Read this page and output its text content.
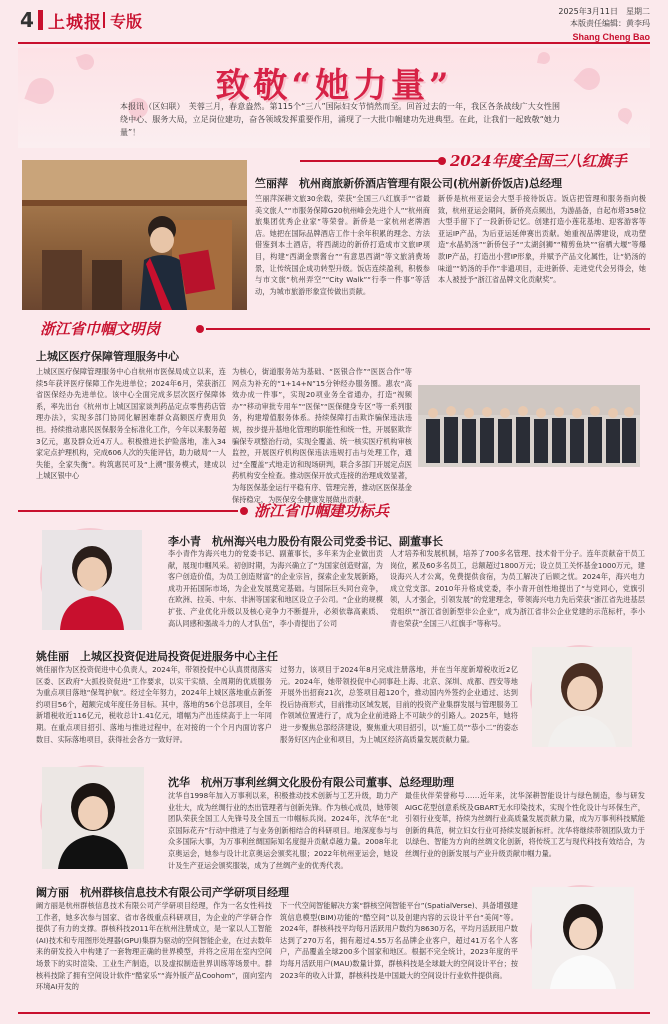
4 上城报 专版
2025年3月11日　星期二
本版责任编辑：黄李玛
Shang Cheng Bao
致敬“她力量”
本报讯（区妇联）　芙蓉三月，春意盎然。第115个“三八”国际妇女节悄然而至。回首过去的一年，我区各条战线广大女性围绕中心、服务大局，立足岗位建功，奋各领域发挥重要作用，涌现了一大批巾帼建功先进典型。在此，让我们一起致敬“她力量”！
2024年度全国三八红旗手
竺丽萍　杭州商旅新侨酒店管理有限公司(杭州新侨饭店)总经理
竺丽萍深耕文旅30余载，荣获“全国三八红旗手”“省最美文旅人”“市服务保障G20杭州峰会先进个人”“杭州商旅集团优秀企业家”等荣誉。新侨是一家杭州老牌酒店。她把在国际品牌酒店工作十余年积累的理念、方法借鉴到本土酒店，将西湖边的新侨打造成市文旅IP项目，构建“西湖金票酱台”“有意思西湖”等文旅消费场景，让传统国企成功转型升级。饭店连续盈利，积极参与市文旅“杭州弄空”“City Walk”“行李一件事”等活动，为城市旅游形象宣传做出贡献。
新侨是杭州亚运会大型手接待饭店。饭店把管理和服务指向极致，杭州亚运会期间，新侨亮点频出，为游晶备，自起布塔358位大型手留下了一段新侨记忆。创建打造小莲花基地、迎客游客等亚运IP产品，为后亚运延伸赛出贡献。她重视品牌建设，成功塑造“水晶奶汤”“新侨包子”“太湖剑狮”“精剪鱼块”“宿栖大堰”等爆款IP产品，打造出小营IP形象，并赋予产品文化属性，让“奶汤的味道”“奶汤的手作”非遗项目，走进新侨、走进党代会另得会，她本人被授予“浙江省品牌文化贡献奖”。
浙江省巾帼文明岗
上城区医疗保障管理服务中心
上城区医疗保障管理服务中心自杭州市医保局成立以来，连续5年获评医疗保障工作先进单位；2024年6月，荣获浙江省医保经办先进单位。该中心全面完成多层次医疗保障体系，率先出台《杭州市上城区国家谈判药品定点零售药店管理办法》，实现多部门协同化解困难群众高额医疗费用负担。持续推动惠民医保服务全标准化工作，今年以来服务超3亿元，惠及群众近4万人。积极推进长护险落地，准入34家定点护理机构，完成606人次的失能评估，助力破局“一人失能，全家失衡”。构筑惠民可及“上溯”服务模式，建成以上城区银中心
为核心，街道服务站为基础、“医银合作”“医医合作”等网点为补充的“1+14+N”15分钟经办服务圈。惠农“高效办成一件事”，实现20项业务全省通办，打造“视频办”“移动审批专用车”“医保”“医保健身专区”等一系列服务，构建增值服务体系。持续保障打击欺诈骗保违法违规，按步提升基地化管理的职能性和统一性，开展驱欺诈骗保专项整治行动，实现全覆盖、统一核实医疗机构审核监控，开展医疗机构医保违法违规打击与处理工作，通过“全覆盖”式地走访和现场研判，联合多部门开展定点医药机构安全检查。推动医保开放式连接的治理成效显著，为每医保基金运行平稳有序、管理完善，推动区医保基金保持稳定，为医保安全健康发展做出贡献。
浙江省巾帼建功标兵
李小青　杭州海兴电力股份有限公司党委书记、副董事长
李小青作为海兴电力的党委书记、副董事长，多年来为企业做出贡献，展现巾帼风采。初创时期，为海兴确立了“为国家创造财富，为客户创造价值，为员工创造财富”的企业宗旨，探索企业发展新路，成功开拓国际市场，为企业发展奠定基础。与国际巨头同台竞争，在欧洲、拉美、中东、非洲等国家和地区设立子公司。“企业的规模扩张、产业优化升级以及核心竞争力不断提升，必须依靠高素质、高认同感和强战斗力的人才队伍”，李小青提出了公司
人才培养和发展机制，培养了700多名管理、技术骨干分子。连年贡献奋干员工岗位，累及60多名员工，总额超过1800万元；设立员工关怀基金1000万元，建设海兴人才公寓，免费提供食宿，为员工解决了后顾之忧。2024年，海兴电力成立党支部。2010年升格成党委，李小青开创性地提出了“与党同心，党旗引领，人才强企，引领发展”的党建理念，带领海兴电力先后荣获“浙江省先进基层党组织”“浙江省创新型非公企业”，成为浙江省非公企业党建的示范标杆，李小青也荣获“全国三八红旗手”等称号。
姚佳丽　上城区投资促进局投资促进服务中心主任
姚佳丽作为区投资促进中心负责人，2024年，带领投促中心认真贯彻落实区委、区政府“大抓投资促进”工作要求，以实干实绩、全周期的优质服务为重点项目落地“保驾护航”。经过全年努力，2024年上城区落地重点新签约项目56个，超额完成年度任务目标。其中，落地的56个总部项目，全年新增税收近116亿元，税收总计1.41亿元，增幅为产出连续高于上一年同期。在重点项目招引、落地与推进过程中，在对接的一个个月内面访客户数目、实际落地项目，获得社会各方一致好评。
过努力，该项目于2024年8月完成注册落地，并在当年度新增税收近2亿元。2024年，她带领投促中心同事赴上海、北京、深圳、成都、西安等地开展外出招商21次，总签项目超120个，推动国内外签约企业通过、达到投后协商形式，目前推动区域发展，目前的投资产业集群发展与管理服务工作领域位置进行了，成为企业前进路上不可缺少的引路人。2025年，她将进一步聚焦总部经济建设，聚焦重大项目招引，以“施工员”“恭小二”的姿态服务好区内企业和项目，为上城区经济高质量发展贡献力量。
沈华　杭州万事利丝绸文化股份有限公司董事、总经理助理
沈华自1998年加入万事利以来，积极推动技术创新与工艺升级，助力产业壮大，成为丝绸行业的杰出管理者与创新先锋。作为核心成员，她带领团队荣获全国工人先锋号及全国五一巾帼标兵岗。2024年，沈华在“北京国际花卉”行动中推进了与业务创新相结合的科研项目。地深度参与与众多国际大事，为万事利丝绸国际知名度提升贡献卓越力量。2008年北京奥运会，她参与设计北京奥运会颁奖礼服；2022年杭州亚运会，她设计及生产亚运会颁奖服装，成为了丝绸产业的优秀代表。
最佳伙伴荣誉称号……近年来，沈华深耕智能设计与绿色制造，参与研发AIGC花型创意系统及GBART无水印染技术，实现个性化设计与环保生产，引领行业变革，持续为丝绸行业高质量发展贡献力量，成为万事利科技赋能创新的典范，树立妇女行业可持续发展新标杆。沈华将继续带领团队致力于以绿色、智能为方向的丝绸文化创新，将传统工艺与现代科技有效结合，为丝绸行业的创新发展与产业升级贡献巾帼力量。
阚方丽　杭州群核信息技术有限公司产学研项目经理
阚方丽是杭州群核信息技术有限公司产学研项目经理，作为一名女性科技工作者，她多次参与国家、省市各级重点科研项目，为企业的产学研合作提供了有力的支撑。群核科技2011年在杭州注册成立，是一家以人工智能(AI)技术和专用图形处理器(GPU)集群为驱动的空间智能企业，在过去数年来的研发投入中构建了一套物理正确的世界模型，并将之应用在室内空间场景下的实时渲染、工业生产制造，以及虚拟制造世界训练等场景中。群核科技除了拥有空间设计软件“酷家乐”“海外版产品Coohom”，面向室内环境AI开发的
下一代空间智能解决方案“群核空间智能平台”(SpatialVerse)、具备增强建筑信息模型(BIM)功能的“酷空间”以及创建内容的云设计平台“美间”等。2024年，群核科技平均每月活跃用户数约为8630万名，平均月活跃用户数达到了270万名，拥有超过4.55万名品牌企业客户，超过41万名个人客户，产品覆盖全球200多个国家和地区。根据不完全统计，2023年度的平均每月活跃用户(MAU)数量计算，群核科技是全球最大的空间设计平台；按2023年的收入计算，群核科技是中国最大的空间设计行业软件提供商。
